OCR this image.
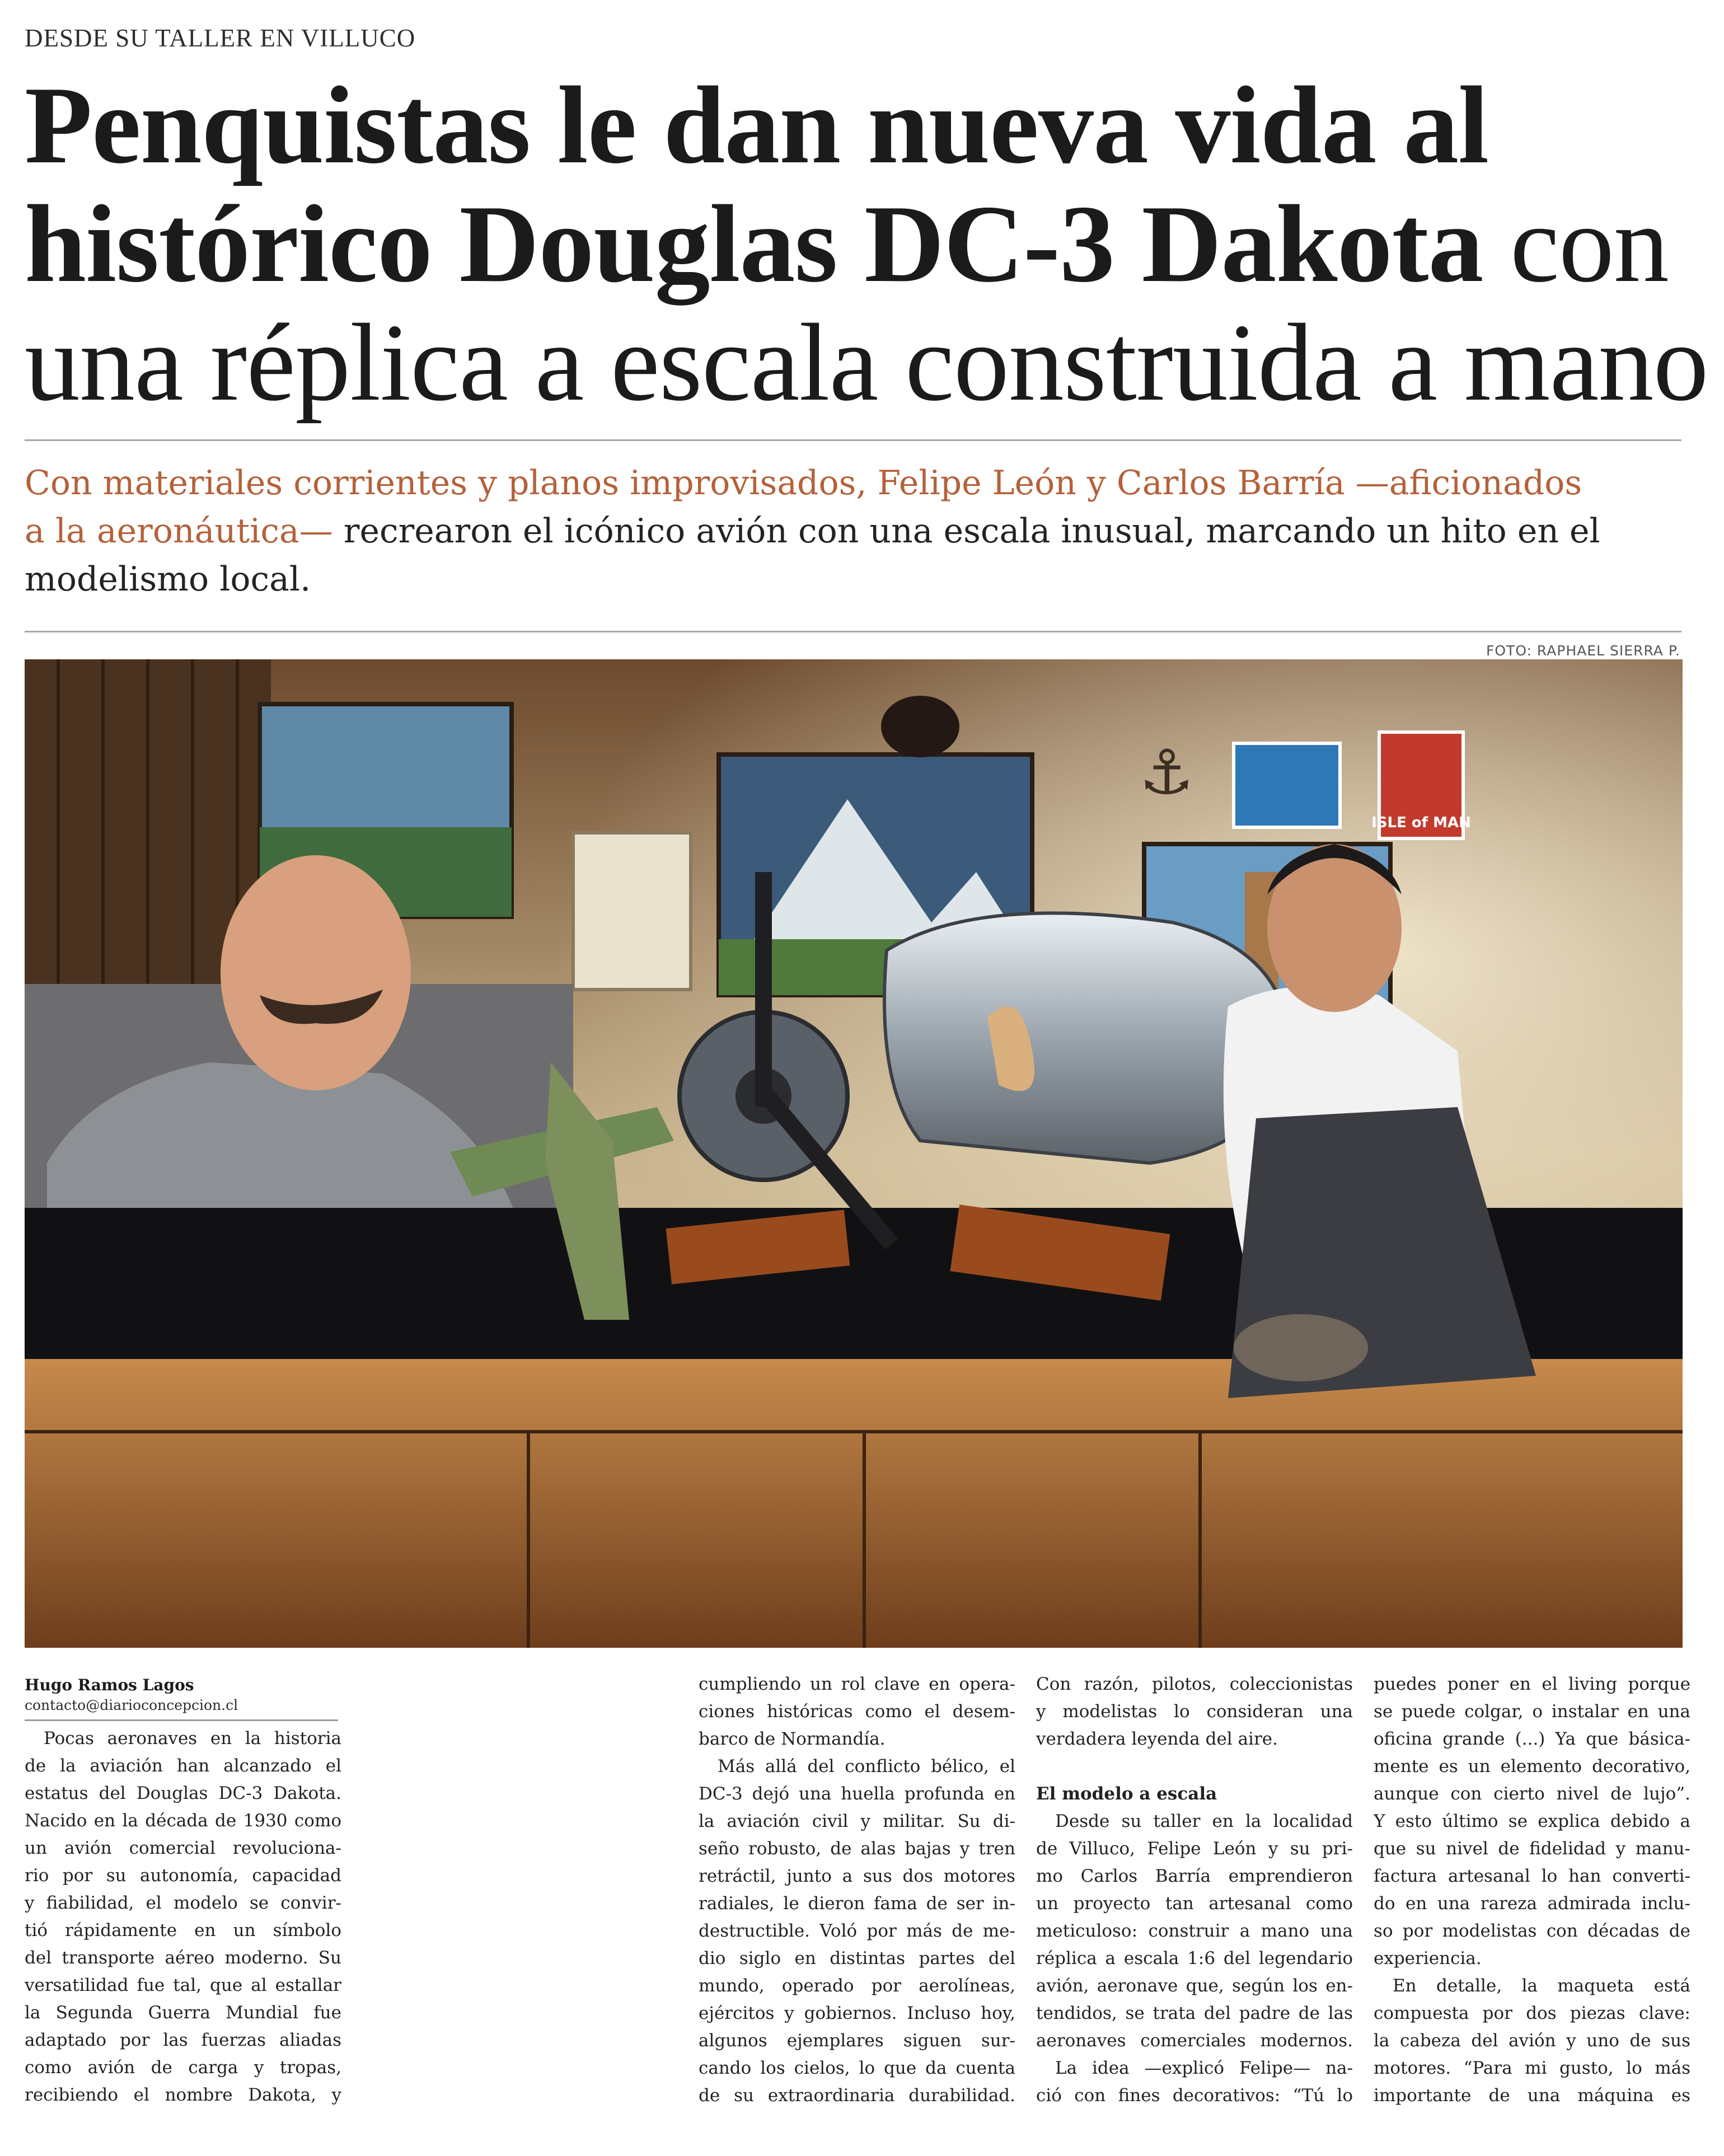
DESDE SU TALLER EN VILLUCO
Penquistas le dan nueva vida al
histórico Douglas DC-3 Dakota con
una réplica a escala construida a mano
Con materiales corrientes y planos improvisados, Felipe León y Carlos Barría —aficionados
a la aeronáutica— recrearon el icónico avión con una escala inusual, marcando un hito en el
modelismo local.
FOTO: RAPHAEL SIERRA P.
ISLE of MAN
⚓
Hugo Ramos Lagos
contacto@diarioconcepcion.cl
Pocas aeronaves en la historia
de la aviación han alcanzado el
estatus del Douglas DC-3 Dakota.
Nacido en la década de 1930 como
un avión comercial revoluciona-
rio por su autonomía, capacidad
y fiabilidad, el modelo se convir-
tió rápidamente en un símbolo
del transporte aéreo moderno. Su
versatilidad fue tal, que al estallar
la Segunda Guerra Mundial fue
adaptado por las fuerzas aliadas
como avión de carga y tropas,
recibiendo el nombre Dakota, y
cumpliendo un rol clave en opera-
ciones históricas como el desem-
barco de Normandía.
Más allá del conflicto bélico, el
DC-3 dejó una huella profunda en
la aviación civil y militar. Su di-
seño robusto, de alas bajas y tren
retráctil, junto a sus dos motores
radiales, le dieron fama de ser in-
destructible. Voló por más de me-
dio siglo en distintas partes del
mundo, operado por aerolíneas,
ejércitos y gobiernos. Incluso hoy,
algunos ejemplares siguen sur-
cando los cielos, lo que da cuenta
de su extraordinaria durabilidad.
Con razón, pilotos, coleccionistas
y modelistas lo consideran una
verdadera leyenda del aire.
El modelo a escala
Desde su taller en la localidad
de Villuco, Felipe León y su pri-
mo Carlos Barría emprendieron
un proyecto tan artesanal como
meticuloso: construir a mano una
réplica a escala 1:6 del legendario
avión, aeronave que, según los en-
tendidos, se trata del padre de las
aeronaves comerciales modernos.
La idea —explicó Felipe— na-
ció con fines decorativos: “Tú lo
puedes poner en el living porque
se puede colgar, o instalar en una
oficina grande (...) Ya que básica-
mente es un elemento decorativo,
aunque con cierto nivel de lujo”.
Y esto último se explica debido a
que su nivel de fidelidad y manu-
factura artesanal lo han converti-
do en una rareza admirada inclu-
so por modelistas con décadas de
experiencia.
En detalle, la maqueta está
compuesta por dos piezas clave:
la cabeza del avión y uno de sus
motores. “Para mi gusto, lo más
importante de una máquina es
